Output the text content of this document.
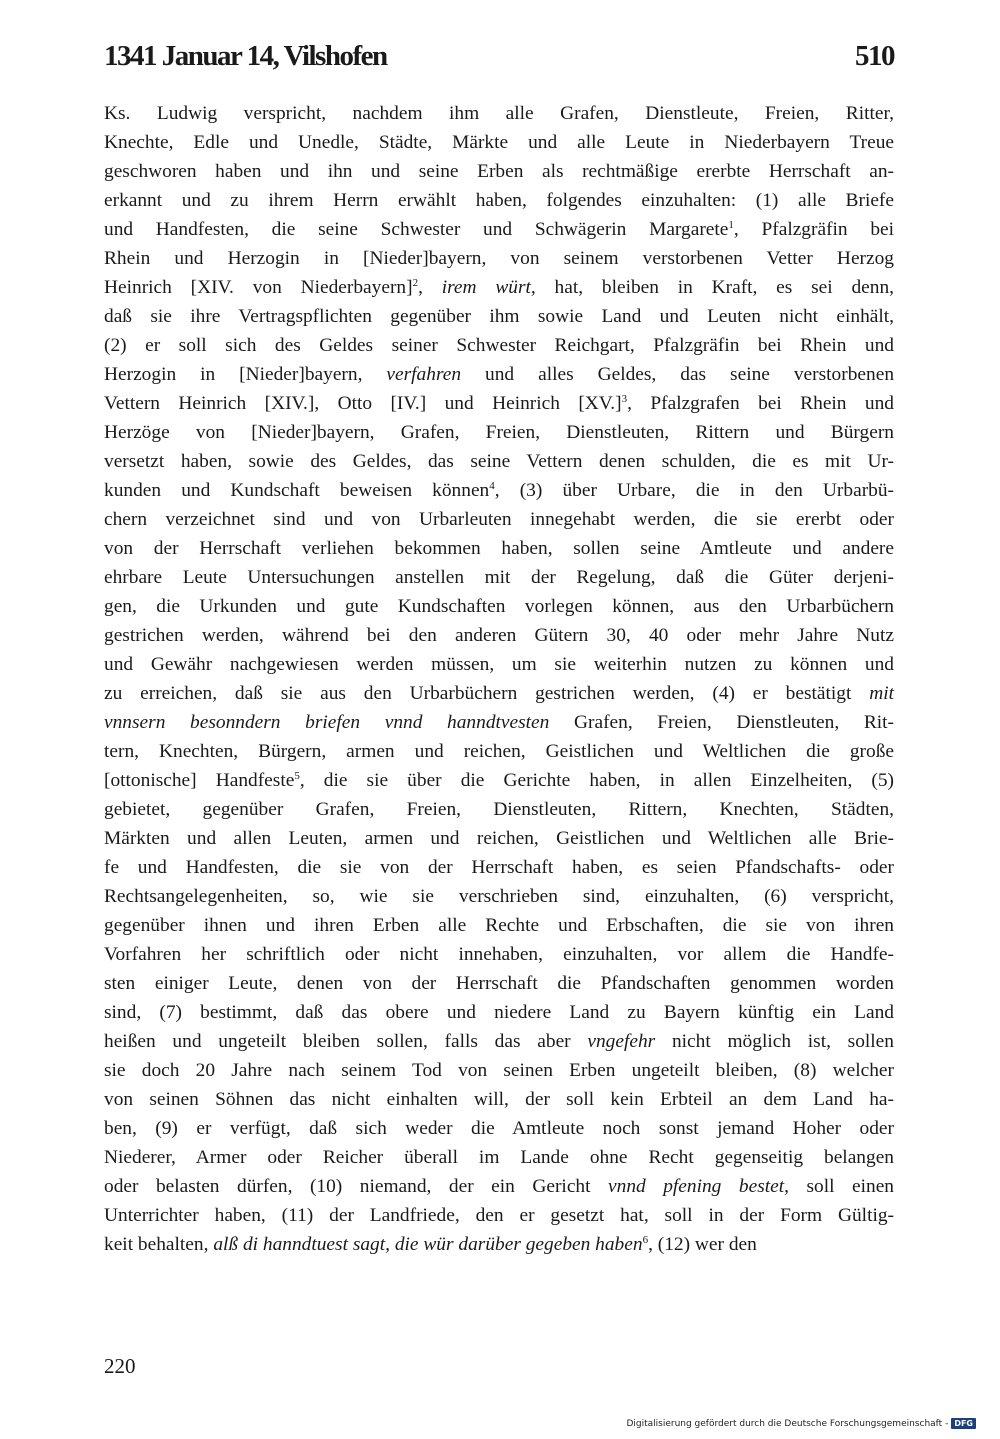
1341 Januar 14, Vilshofen	510
Ks. Ludwig verspricht, nachdem ihm alle Grafen, Dienstleute, Freien, Ritter,
Knechte, Edle und Unedle, Städte, Märkte und alle Leute in Niederbayern Treue
geschworen haben und ihn und seine Erben als rechtmäßige ererbte Herrschaft an-
erkannt und zu ihrem Herrn erwählt haben, folgendes einzuhalten: (1) alle Briefe
und Handfesten, die seine Schwester und Schwägerin Margarete$^1$, Pfalzgräfin bei
Rhein und Herzogin in [Nieder]bayern, von seinem verstorbenen Vetter Herzog
Heinrich [XIV. von Niederbayern]$^2$, irem würt, hat, bleiben in Kraft, es sei denn,
daß sie ihre Vertragspflichten gegenüber ihm sowie Land und Leuten nicht einhält,
(2) er soll sich des Geldes seiner Schwester Reichgart, Pfalzgräfin bei Rhein und
Herzogin in [Nieder]bayern, verfahren und alles Geldes, das seine verstorbenen
Vettern Heinrich [XIV.], Otto [IV.] und Heinrich $[XV.]^3$, Pfalzgrafen bei Rhein und
Herzöge von [Nieder]bayern, Grafen, Freien, Dienstleuten, Rittern und Bürgern
versetzt haben, sowie des Geldes, das seine Vettern denen schulden, die es mit Ur-
kunden und Kundschaft beweisen können$^4$, (3) über Urbare, die in den Urbarbü-
chern verzeichnet sind und von Urbarleuten innegehabt werden, die sie ererbt oder
von der Herrschaft verliehen bekommen haben, sollen seine Amtleute und andere
ehrbare Leute Untersuchungen anstellen mit der Regelung, daß die Güter derjeni-
gen, die Urkunden und gute Kundschaften vorlegen können, aus den Urbarbüchern
gestrichen werden, während bei den anderen Gütern 30, 40 oder mehr Jahre Nutz
und Gewähr nachgewiesen werden müssen, um sie weiterhin nutzen zu können und
zu erreichen, daß sie aus den Urbarbüchern gestrichen werden, (4) er bestätigt mit
vnnsern besonndern briefen vnnd hanndtvesten Grafen, Freien, Dienstleuten, Rit-
tern, Knechten, Bürgern, armen und reichen, Geistlichen und Weltlichen die große
[ottonische] Handfeste$^5$, die sie über die Gerichte haben, in allen Einzelheiten, (5)
gebietet, gegenüber Grafen, Freien, Dienstleuten, Rittern, Knechten, Städten,
Märkten und allen Leuten, armen und reichen, Geistlichen und Weltlichen alle Brie-
fe und Handfesten, die sie von der Herrschaft haben, es seien Pfandschafts- oder
Rechtsangelegenheiten, so, wie sie verschrieben sind, einzuhalten, (6) verspricht,
gegenüber ihnen und ihren Erben alle Rechte und Erbschaften, die sie von ihren
Vorfahren her schriftlich oder nicht innehaben, einzuhalten, vor allem die Handfe-
sten einiger Leute, denen von der Herrschaft die Pfandschaften genommen worden
sind, (7) bestimmt, daß das obere und niedere Land zu Bayern künftig ein Land
heißen und ungeteilt bleiben sollen, falls das aber vngefehr nicht möglich ist, sollen
sie doch 20 Jahre nach seinem Tod von seinen Erben ungeteilt bleiben, (8) welcher
von seinen Söhnen das nicht einhalten will, der soll kein Erbteil an dem Land ha-
ben, (9) er verfügt, daß sich weder die Amtleute noch sonst jemand Hoher oder
Niederer, Armer oder Reicher überall im Lande ohne Recht gegenseitig belangen
oder belasten dürfen, (10) niemand, der ein Gericht vnnd pfening bestet, soll einen
Unterrichter haben, (11) der Landfriede, den er gesetzt hat, soll in der Form Gültig-
keit behalten, alß di hanndtuest sagt, die wür darüber gegeben haben$^6$, (12) wer den
220
Digitalisierung gefördert durch die Deutsche Forschungsgemeinschaft - DFG
